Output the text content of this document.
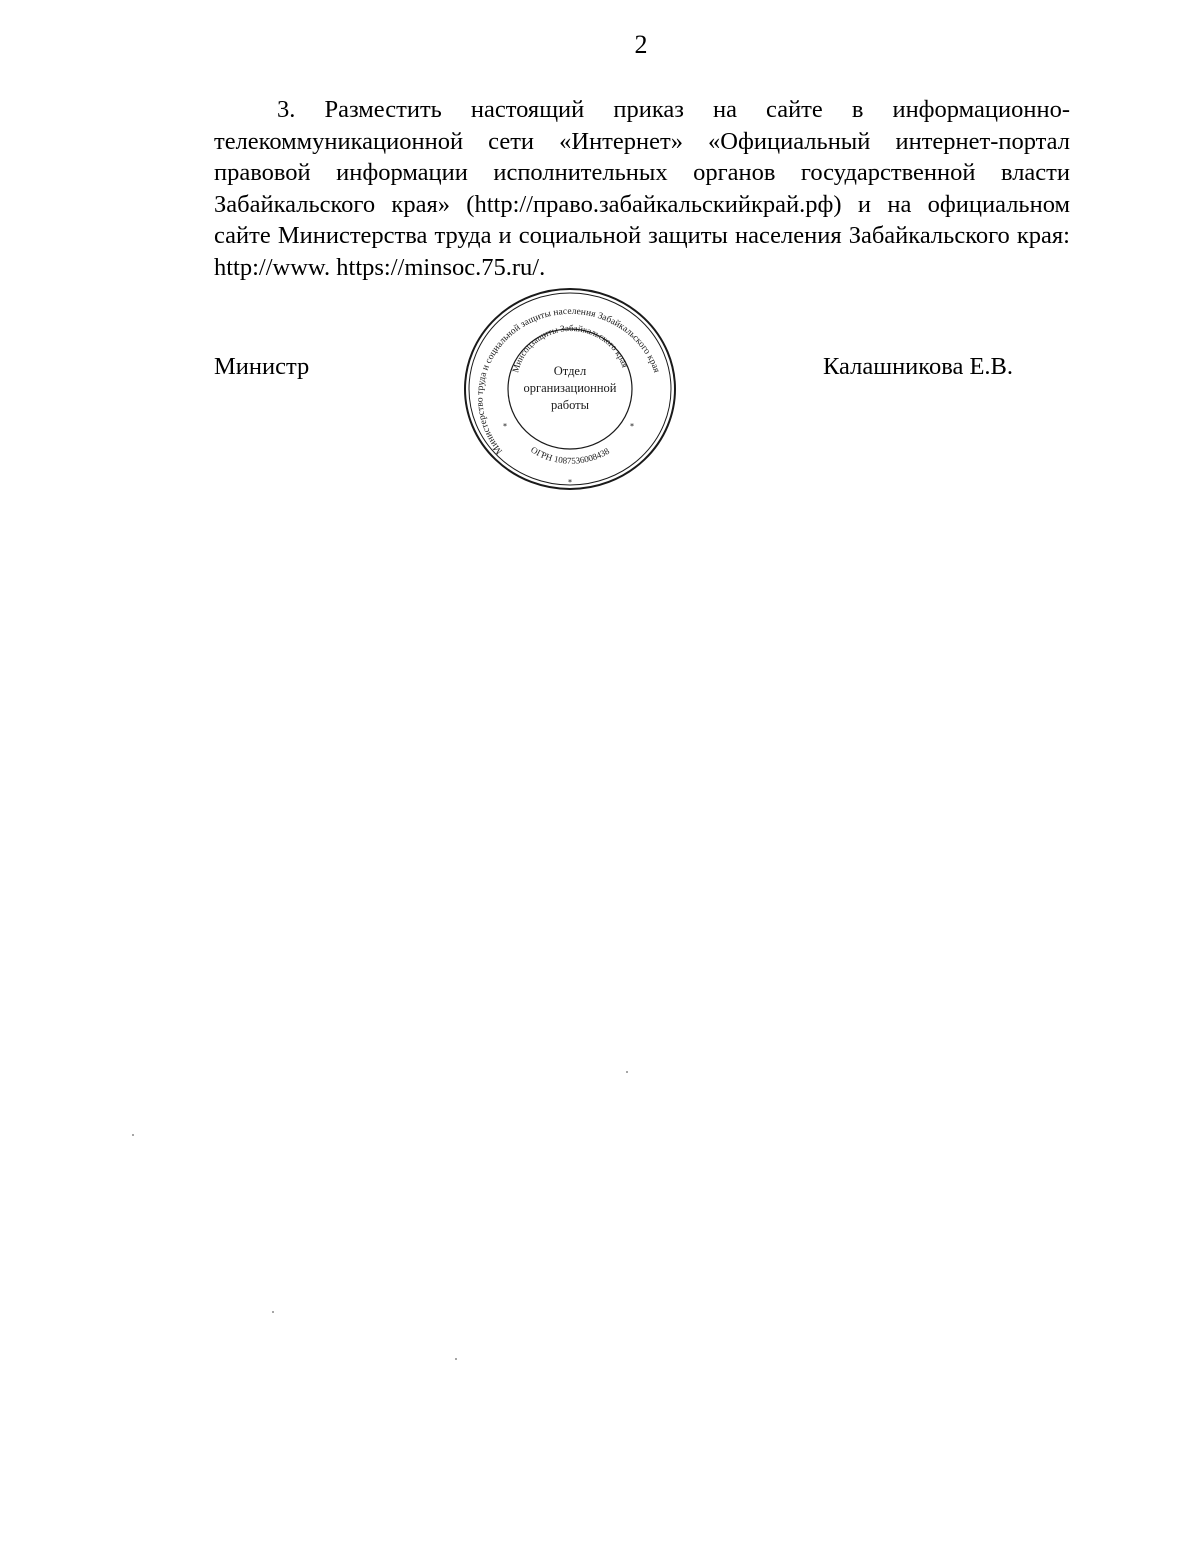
2

3. Разместить настоящий приказ на сайте в информационно-телекоммуникационной сети «Интернет» «Официальный интернет-портал правовой информации исполнительных органов государственной власти Забайкальского края» (http://право.забайкальскийкрай.рф) и на официальном сайте Министерства труда и социальной защиты населения Забайкальского края: http://www. https://minsoc.75.ru/.

Министр	Калашникова Е.В.
Министерство труда и социальной защиты населения Забайкальского края
Минсоцзащиты Забайкальского края
ОГРН 1087536008438
Отдел
организационной
работы
*	*
*
